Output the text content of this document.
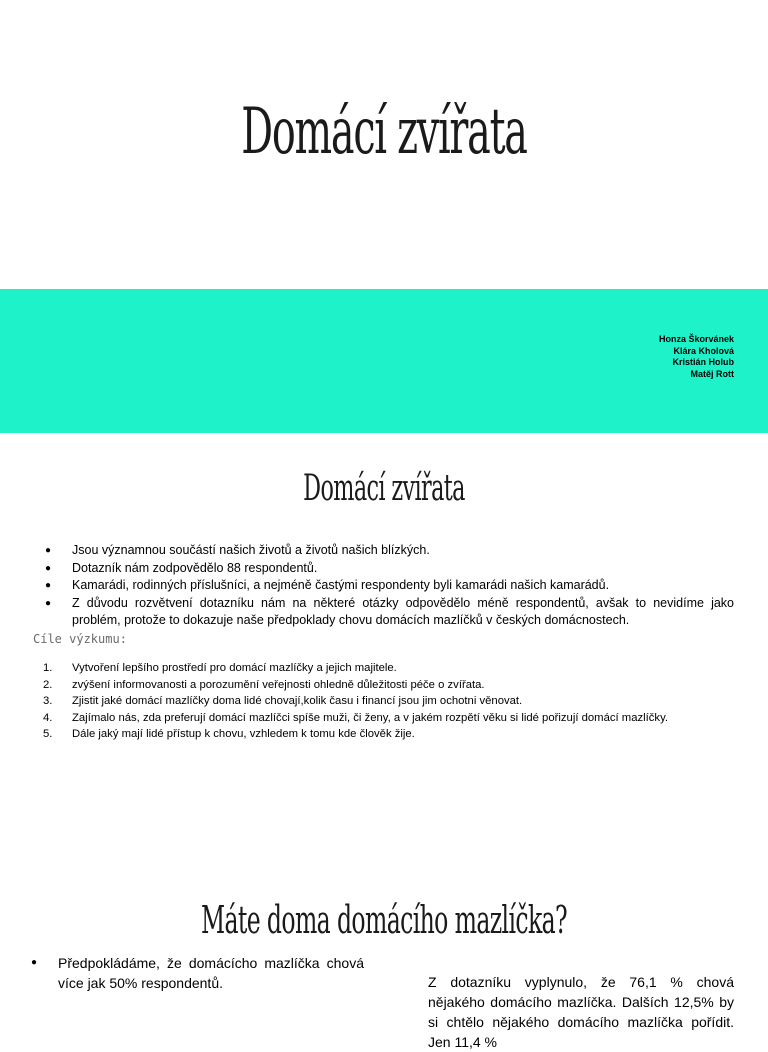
Domácí zvířata
Honza Škorvánek
Klára Kholová
Kristián Holub
Matěj Rott
Domácí zvířata
● Jsou významnou součástí našich životů a životů našich blízkých.
● Dotazník nám zodpovědělo 88 respondentů.
● Kamarádi, rodinných příslušníci, a nejméně častými respondenty byli kamarádi našich kamarádů.
● Z důvodu rozvětvení dotazníku nám na některé otázky odpovědělo méně respondentů, avšak to nevidíme jako problém, protože to dokazuje naše předpoklady chovu domácích mazlíčků v českých domácnostech.
Cíle výzkumu:
1. Vytvoření lepšího prostředí pro domácí mazlíčky a jejich majitele.
2. zvýšení informovanosti a porozumění veřejnosti ohledně důležitosti péče o zvířata.
3. Zjistit jaké domácí mazlíčky doma lidé chovají,kolik času i financí jsou jim ochotni věnovat.
4. Zajímalo nás, zda preferují domácí mazlíčci spíše muži, či ženy, a v jakém rozpětí věku si lidé pořizují domácí mazlíčky.
5. Dále jaký mají lidé přístup k chovu, vzhledem k tomu kde člověk žije.
Máte doma domácího mazlíčka?
● Předpokládáme, že domácícho mazlíčka chová více jak 50% respondentů.	Z dotazníku vyplynulo, že 76,1 % chová nějakého domácího mazlíčka. Dalších 12,5% by si chtělo nějakého domácího mazlíčka pořídit. Jen 11,4 %
